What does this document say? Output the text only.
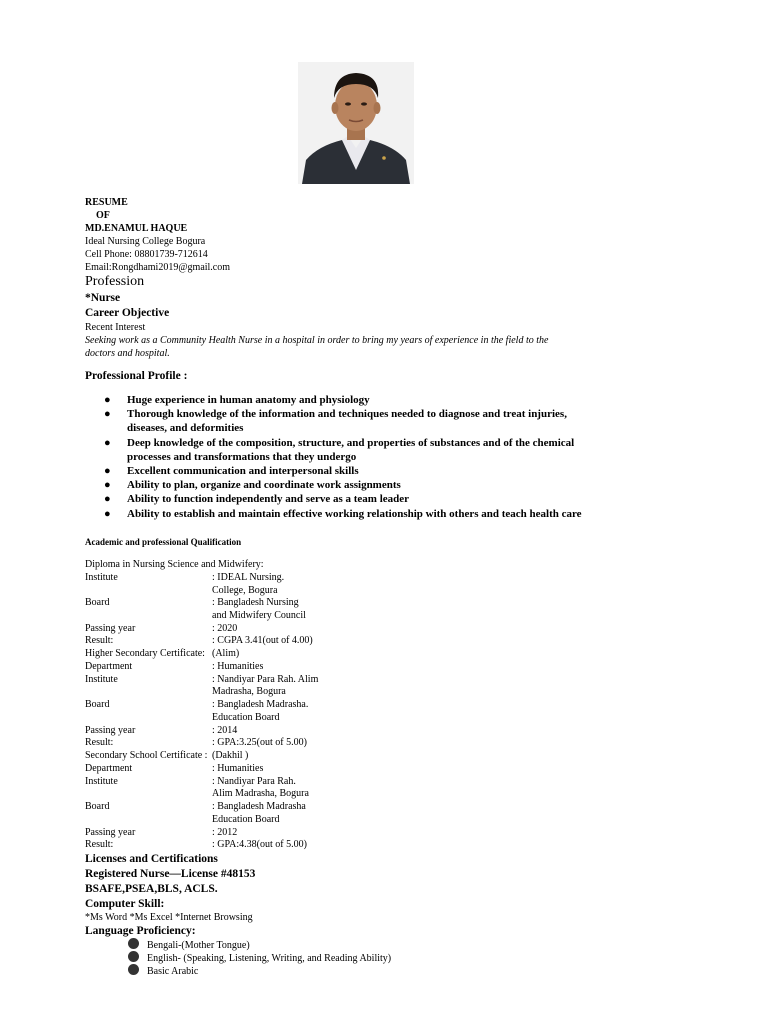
RESUME
OF
MD.ENAMUL HAQUE
Ideal Nursing College Bogura
Cell Phone: 08801739-712614
Email:Rongdhami2019@gmail.com
Profession
*Nurse
Career Objective
Recent Interest
Seeking work as a Community Health Nurse in a hospital in order to bring my years of experience in the field to the
doctors and hospital.
Professional Profile :
● Huge experience in human anatomy and physiology
● Thorough knowledge of the information and techniques needed to diagnose and treat injuries, diseases, and deformities
● Deep knowledge of the composition, structure, and properties of substances and of the chemical processes and transformations that they undergo
● Excellent communication and interpersonal skills
● Ability to plan, organize and coordinate work assignments
● Ability to function independently and serve as a team leader
● Ability to establish and maintain effective working relationship with others and teach health care
Academic and professional Qualification
Diploma in Nursing Science and Midwifery:
Institute	: IDEAL Nursing.
College, Bogura
Board	: Bangladesh Nursing
and Midwifery Council
Passing year	: 2020
Result:	: CGPA 3.41(out of 4.00)
Higher Secondary Certificate: (Alim)
Department	: Humanities
Institute	: Nandiyar Para Rah. Alim
Madrasha, Bogura
Board	: Bangladesh Madrasha.
Education Board
Passing year	: 2014
Result:	: GPA:3.25(out of 5.00)
Secondary School Certificate : (Dakhil )
Department	: Humanities
Institute	: Nandiyar Para Rah.
Alim Madrasha, Bogura
Board	: Bangladesh Madrasha
Education Board
Passing year	: 2012
Result:	: GPA:4.38(out of 5.00)
Licenses and Certifications
Registered Nurse—License #48153
BSAFE,PSEA,BLS, ACLS.
Computer Skill:
*Ms Word *Ms Excel *Internet Browsing
Language Proficiency:
Bengali-(Mother Tongue)
English- (Speaking, Listening, Writing, and Reading Ability)
Basic Arabic
